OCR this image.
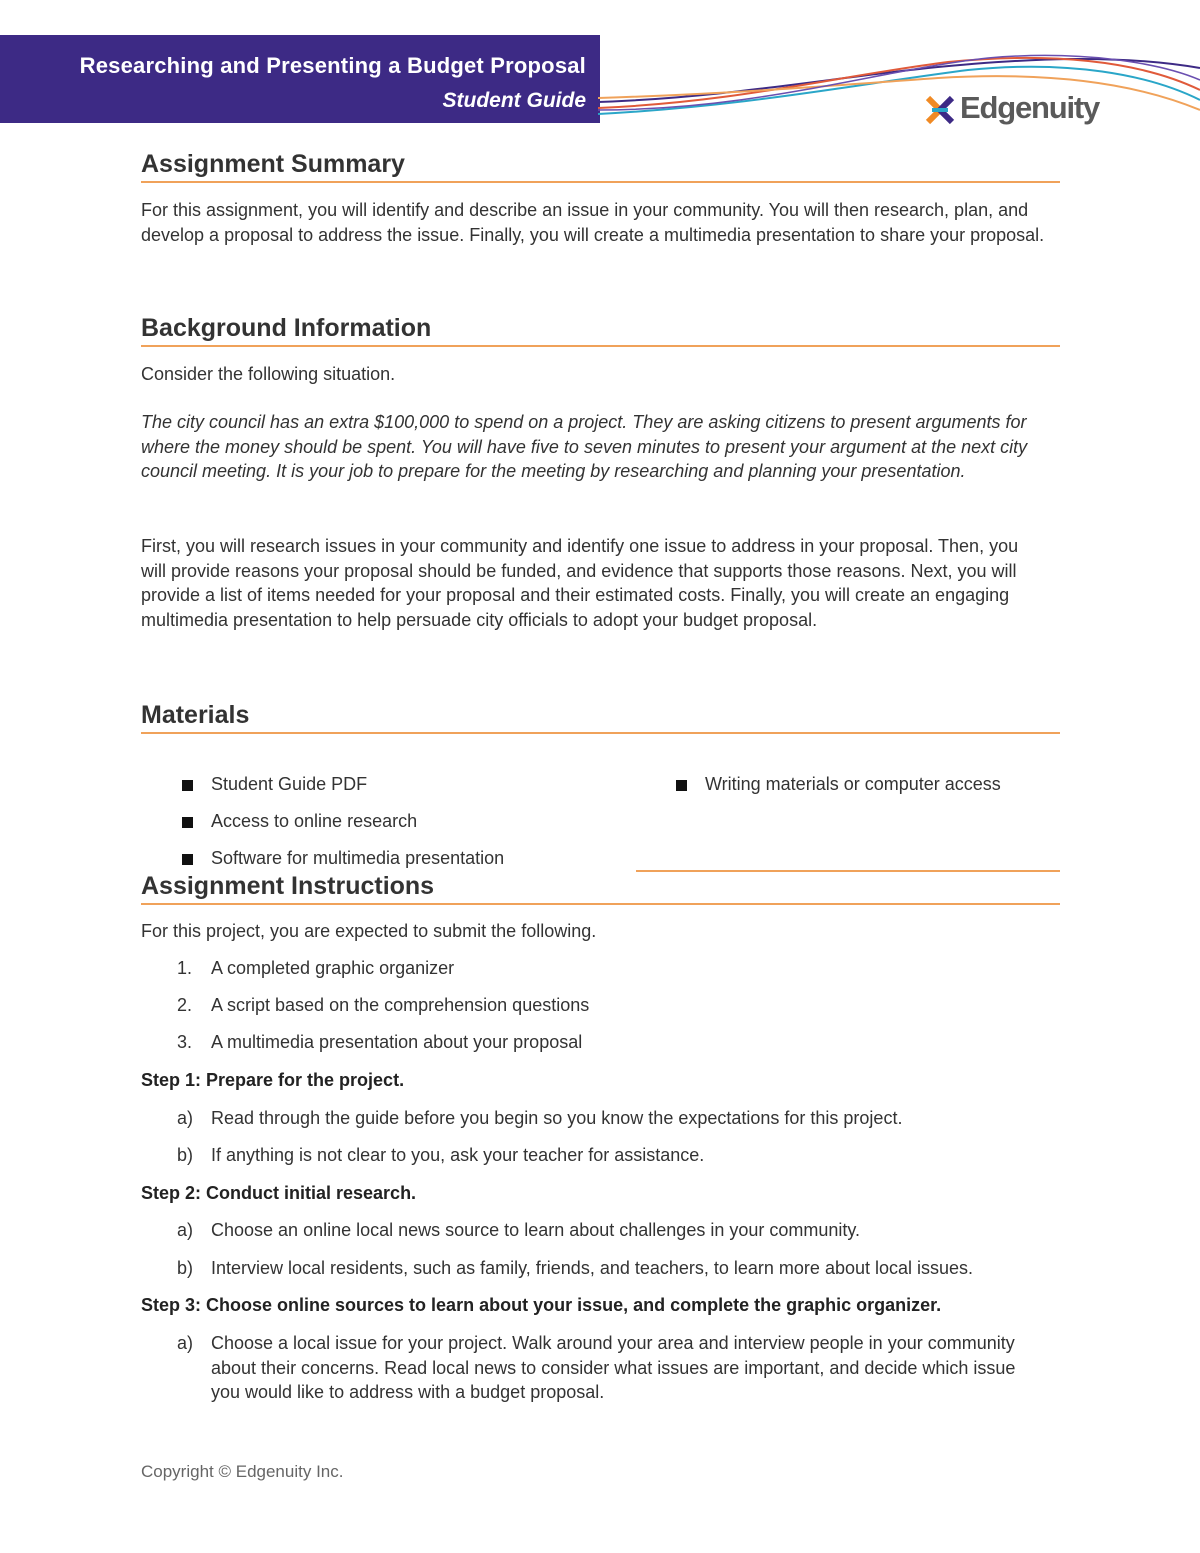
Researching and Presenting a Budget Proposal
Student Guide	Edgenuity
Assignment Summary

For this assignment, you will identify and describe an issue in your community. You will then research, plan, and develop a proposal to address the issue. Finally, you will create a multimedia presentation to share your proposal.

Background Information

Consider the following situation.

The city council has an extra $100,000 to spend on a project. They are asking citizens to present arguments for where the money should be spent. You will have five to seven minutes to present your argument at the next city council meeting. It is your job to prepare for the meeting by researching and planning your presentation.

First, you will research issues in your community and identify one issue to address in your proposal. Then, you will provide reasons your proposal should be funded, and evidence that supports those reasons. Next, you will provide a list of items needed for your proposal and their estimated costs. Finally, you will create an engaging multimedia presentation to help persuade city officials to adopt your budget proposal.

Materials
Student Guide PDF
Access to online research
Software for multimedia presentation
Writing materials or computer access
Assignment Instructions

For this project, you are expected to submit the following.

1.	A completed graphic organizer
2.	A script based on the comprehension questions
3.	A multimedia presentation about your proposal
Step 1: Prepare for the project.
a) Read through the guide before you begin so you know the expectations for this project.
b) If anything is not clear to you, ask your teacher for assistance.
Step 2: Conduct initial research.
a) Choose an online local news source to learn about challenges in your community.
b) Interview local residents, such as family, friends, and teachers, to learn more about local issues.
Step 3: Choose online sources to learn about your issue, and complete the graphic organizer.
a) Choose a local issue for your project. Walk around your area and interview people in your community about their concerns. Read local news to consider what issues are important, and decide which issue you would like to address with a budget proposal.
Copyright © Edgenuity Inc.
